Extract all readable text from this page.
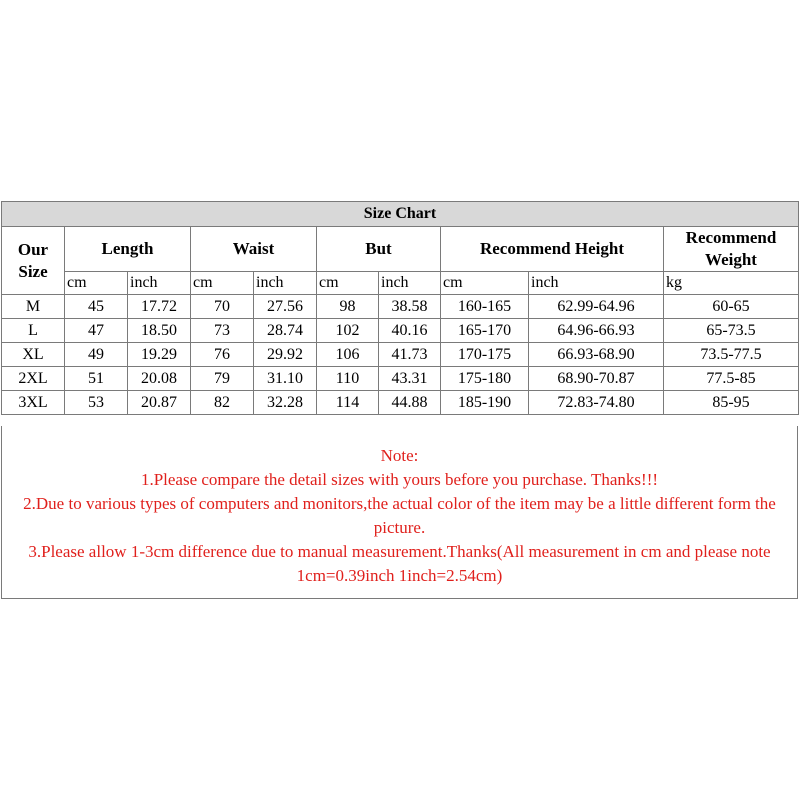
Size Chart									
Our Size	Length		Waist		But		Recommend Height		Recommend Weight
	cm	inch	cm	inch	cm	inch	cm	inch	kg
M	45	17.72	70	27.56	98	38.58	160-165	62.99-64.96	60-65
L	47	18.50	73	28.74	102	40.16	165-170	64.96-66.93	65-73.5
XL	49	19.29	76	29.92	106	41.73	170-175	66.93-68.90	73.5-77.5
2XL	51	20.08	79	31.10	110	43.31	175-180	68.90-70.87	77.5-85
3XL	53	20.87	82	32.28	114	44.88	185-190	72.83-74.80	85-95

Note:

1.Please compare the detail sizes with yours before you purchase. Thanks!!!

2.Due to various types of computers and monitors,the actual color of the item may be a little different form the picture.

3.Please allow 1-3cm difference due to manual measurement.Thanks(All measurement in cm and please note 1cm=0.39inch 1inch=2.54cm)
